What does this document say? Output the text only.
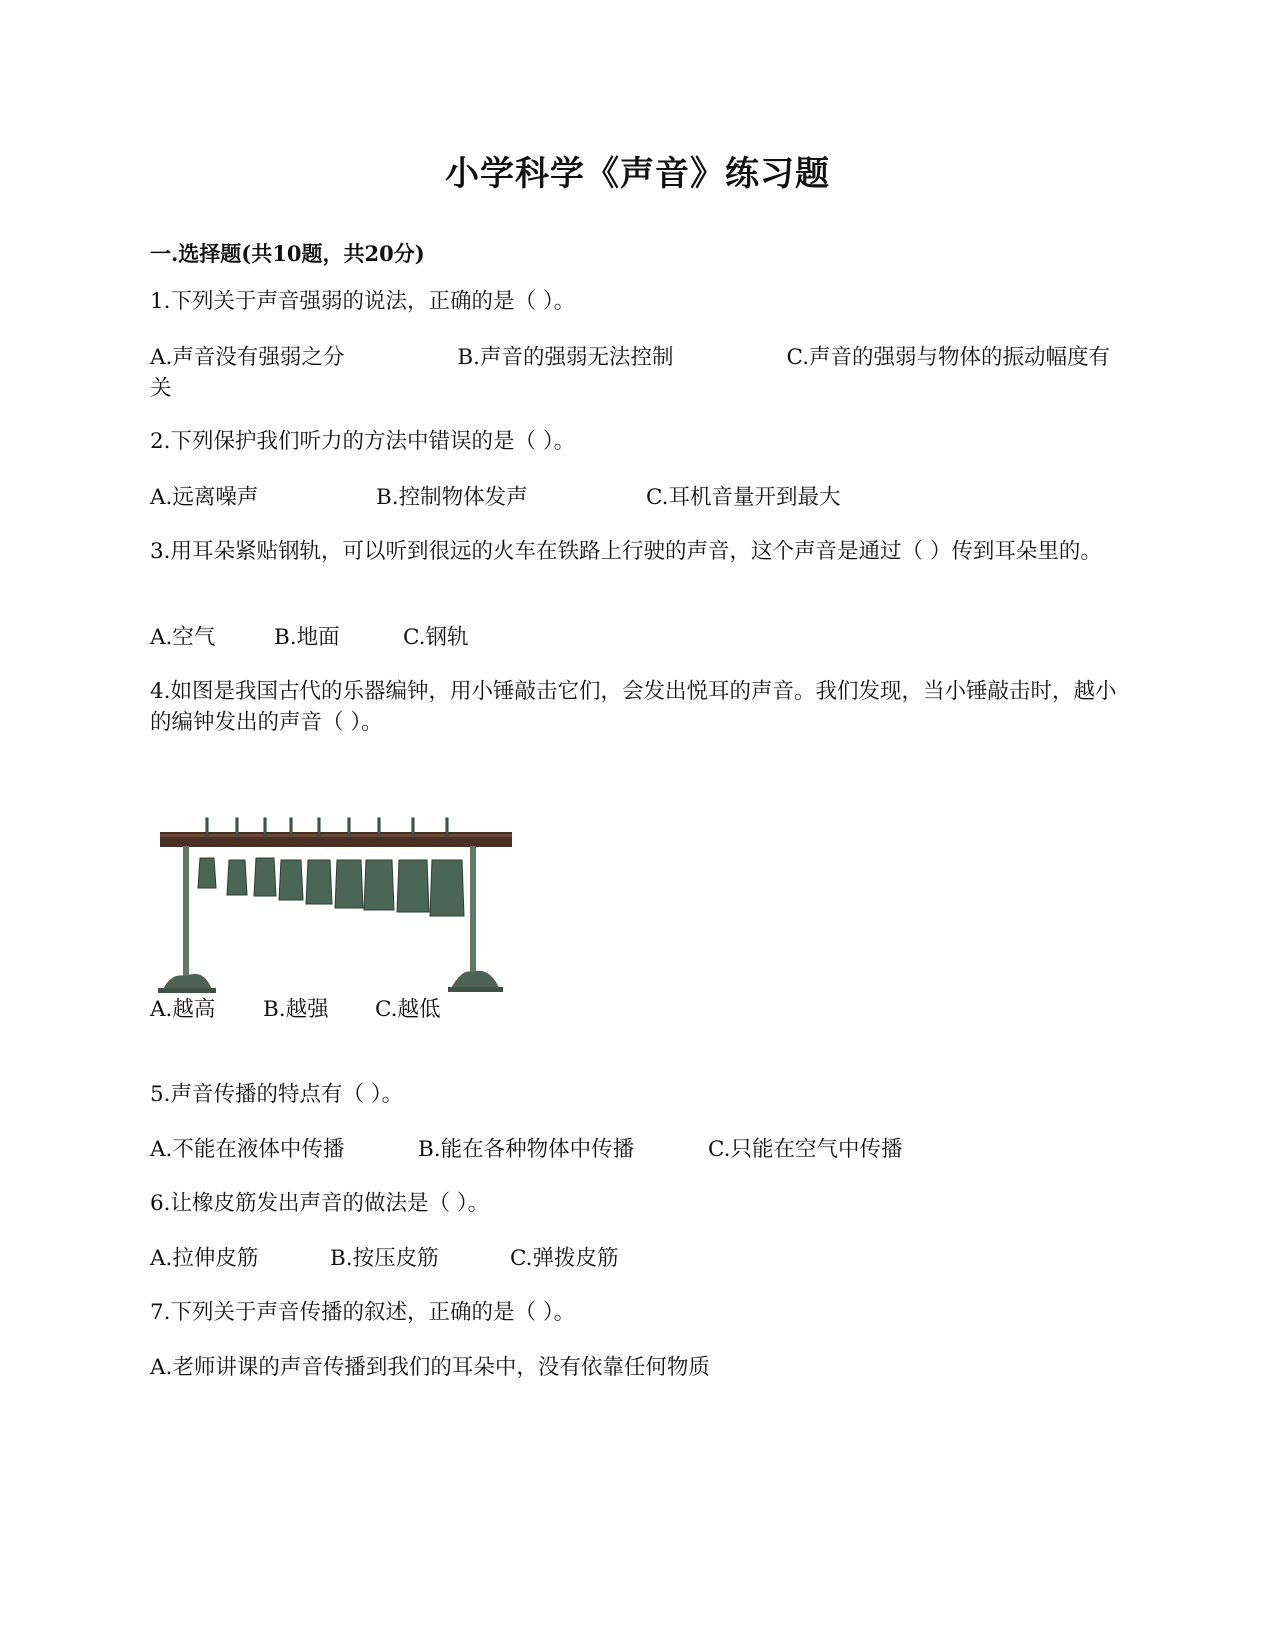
小学科学《声音》练习题
一.选择题(共10题，共20分)
1.下列关于声音强弱的说法，正确的是（ ）。
A.声音没有强弱之分	B.声音的强弱无法控制	C.声音的强弱与物体的振动幅度有关
2.下列保护我们听力的方法中错误的是（ ）。
A.远离噪声	B.控制物体发声	C.耳机音量开到最大
3.用耳朵紧贴钢轨，可以听到很远的火车在铁路上行驶的声音，这个声音是通过（ ）传到耳朵里的。
A.空气	B.地面	C.钢轨
4.如图是我国古代的乐器编钟，用小锤敲击它们，会发出悦耳的声音。我们发现，当小锤敲击时，越小的编钟发出的声音（ ）。
A.越高 B.越强 C.越低
5.声音传播的特点有（ ）。
A.不能在液体中传播	B.能在各种物体中传播	C.只能在空气中传播
6.让橡皮筋发出声音的做法是（ ）。
A.拉伸皮筋	B.按压皮筋	C.弹拨皮筋
7.下列关于声音传播的叙述，正确的是（ ）。
A.老师讲课的声音传播到我们的耳朵中，没有依靠任何物质
